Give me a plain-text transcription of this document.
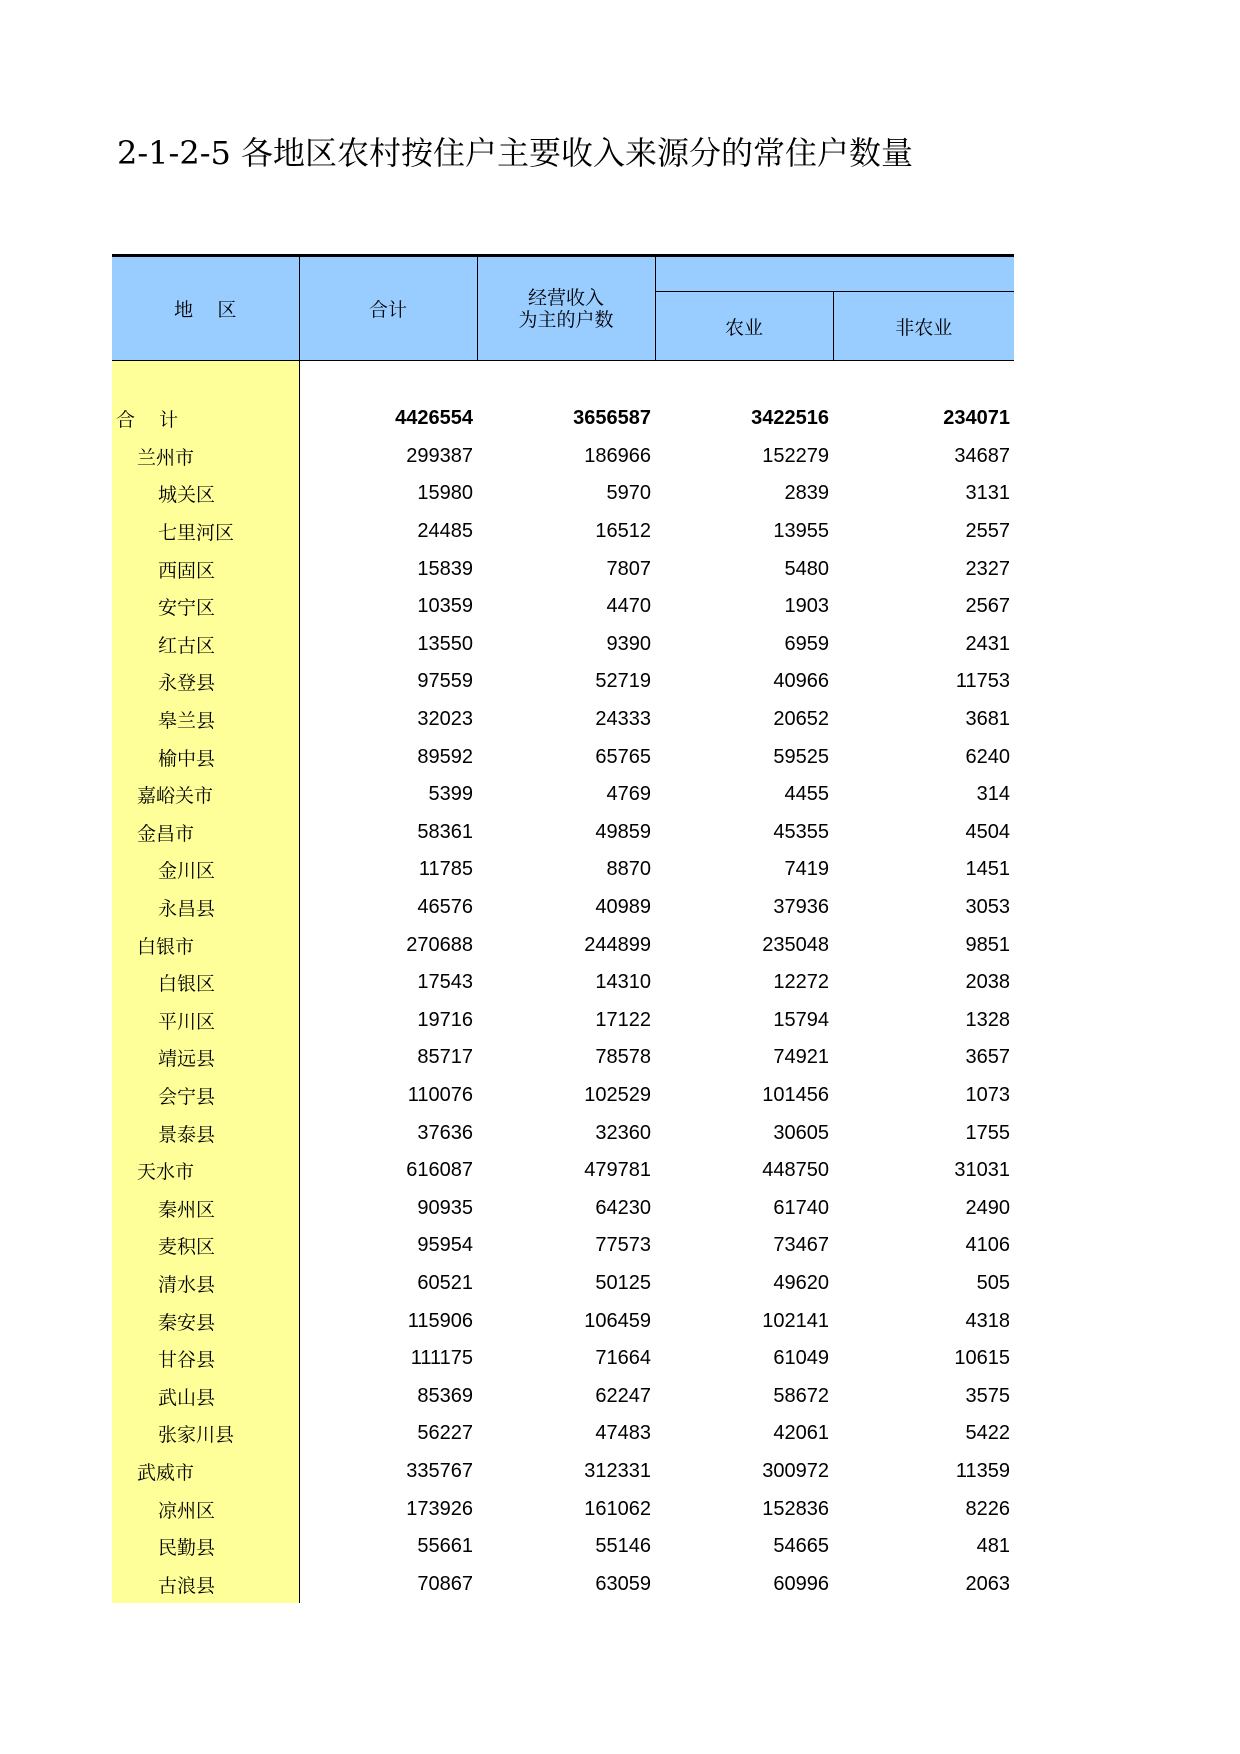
2-1-2-5 各地区农村按住户主要收入来源分的常住户数量
地    区	合计	经营收入
为主的户数		

			农业	非农业

合    计	4426554	3656587	3422516	234071
兰州市	299387	186966	152279	34687
城关区	15980	5970	2839	3131
七里河区	24485	16512	13955	2557
西固区	15839	7807	5480	2327
安宁区	10359	4470	1903	2567
红古区	13550	9390	6959	2431
永登县	97559	52719	40966	11753
皋兰县	32023	24333	20652	3681
榆中县	89592	65765	59525	6240
嘉峪关市	5399	4769	4455	314
金昌市	58361	49859	45355	4504
金川区	11785	8870	7419	1451
永昌县	46576	40989	37936	3053
白银市	270688	244899	235048	9851
白银区	17543	14310	12272	2038
平川区	19716	17122	15794	1328
靖远县	85717	78578	74921	3657
会宁县	110076	102529	101456	1073
景泰县	37636	32360	30605	1755
天水市	616087	479781	448750	31031
秦州区	90935	64230	61740	2490
麦积区	95954	77573	73467	4106
清水县	60521	50125	49620	505
秦安县	115906	106459	102141	4318
甘谷县	111175	71664	61049	10615
武山县	85369	62247	58672	3575
张家川县	56227	47483	42061	5422
武威市	335767	312331	300972	11359
凉州区	173926	161062	152836	8226
民勤县	55661	55146	54665	481
古浪县	70867	63059	60996	2063
